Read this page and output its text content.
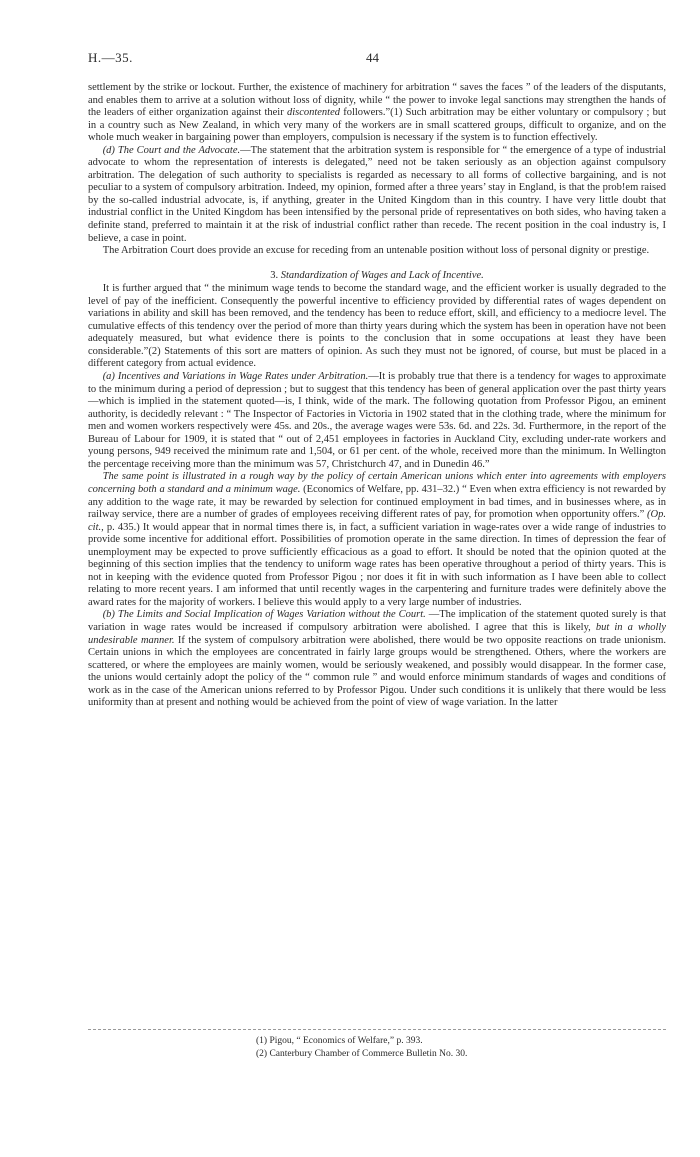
H.—35.	44

settlement by the strike or lockout. Further, the existence of machinery for arbitration “ saves the faces ” of the leaders of the disputants, and enables them to arrive at a solution without loss of dignity, while “ the power to invoke legal sanctions may strengthen the hands of the leaders of either organization against their discontented followers.”(1) Such arbitration may be either voluntary or compulsory ; but in a country such as New Zealand, in which very many of the workers are in small scattered groups, difficult to organize, and on the whole much weaker in bargaining power than employers, compulsion is necessary if the system is to function effectively.

(d) The Court and the Advocate.—The statement that the arbitration system is responsible for “ the emergence of a type of industrial advocate to whom the representation of interests is delegated,” need not be taken seriously as an objection against compulsory arbitration. The delegation of such authority to specialists is regarded as necessary to all forms of collective bargaining, and is not peculiar to a system of compulsory arbitration. Indeed, my opinion, formed after a three years’ stay in England, is that the prob!em raised by the so-called industrial advocate, is, if anything, greater in the United Kingdom than in this country. I have very little doubt that industrial conflict in the United Kingdom has been intensified by the personal pride of representatives on both sides, who having taken a definite stand, preferred to maintain it at the risk of industrial conflict rather than recede. The recent position in the coal industry is, I believe, a case in point.

The Arbitration Court does provide an excuse for receding from an untenable position without loss of personal dignity or prestige.

3. Standardization of Wages and Lack of Incentive.

It is further argued that “ the minimum wage tends to become the standard wage, and the efficient worker is usually degraded to the level of pay of the inefficient. Consequently the powerful incentive to efficiency provided by differential rates of wages dependent on variations in ability and skill has been removed, and the tendency has been to reduce effort, skill, and efficiency to a mediocre level. The cumulative effects of this tendency over the period of more than thirty years during which the system has been in operation have not been adequately measured, but what evidence there is points to the conclusion that in some occupations at least they have been considerable.”(2) Statements of this sort are matters of opinion. As such they must not be ignored, of course, but must be placed in a different category from actual evidence.

(a) Incentives and Variations in Wage Rates under Arbitration.—It is probably true that there is a tendency for wages to approximate to the minimum during a period of depression ; but to suggest that this tendency has been of general application over the past thirty years—which is implied in the statement quoted—is, I think, wide of the mark. The following quotation from Professor Pigou, an eminent authority, is decidedly relevant : “ The Inspector of Factories in Victoria in 1902 stated that in the clothing trade, where the minimum for men and women workers respectively were 45s. and 20s., the average wages were 53s. 6d. and 22s. 3d. Furthermore, in the report of the Bureau of Labour for 1909, it is stated that “ out of 2,451 employees in factories in Auckland City, excluding under-rate workers and young persons, 949 received the minimum rate and 1,504, or 61 per cent. of the whole, received more than the minimum. In Wellington the percentage receiving more than the minimum was 57, Christchurch 47, and in Dunedin 46.”

The same point is illustrated in a rough way by the policy of certain American unions which enter into agreements with employers concerning both a standard and a minimum wage. (Economics of Welfare, pp. 431–32.) “ Even when extra efficiency is not rewarded by any addition to the wage rate, it may be rewarded by selection for continued employment in bad times, and in businesses where, as in railway service, there are a number of grades of employees receiving different rates of pay, for promotion when opportunity offers.” (Op. cit., p. 435.) It would appear that in normal times there is, in fact, a sufficient variation in wage-rates over a wide range of industries to provide some incentive for additional effort. Possibilities of promotion operate in the same direction. In times of depression the fear of unemployment may be expected to prove sufficiently efficacious as a goad to effort. It should be noted that the opinion quoted at the beginning of this section implies that the tendency to uniform wage rates has been operative throughout a period of thirty years. This is not in keeping with the evidence quoted from Professor Pigou ; nor does it fit in with such information as I have been able to collect relating to more recent years. I am informed that until recently wages in the carpentering and furniture trades were definitely above the award rates for the majority of workers. I believe this would apply to a very large number of industries.

(b) The Limits and Social Implication of Wages Variation without the Court. —The implication of the statement quoted surely is that variation in wage rates would be increased if compulsory arbitration were abolished. I agree that this is likely, but in a wholly undesirable manner. If the system of compulsory arbitration were abolished, there would be two opposite reactions on trade unionism. Certain unions in which the employees are concentrated in fairly large groups would be strengthened. Others, where the workers are scattered, or where the employees are mainly women, would be seriously weakened, and possibly would disappear. In the former case, the unions would certainly adopt the policy of the “ common rule ” and would enforce minimum standards of wages and conditions of work as in the case of the American unions referred to by Professor Pigou. Under such conditions it is unlikely that there would be less uniformity than at present and nothing would be achieved from the point of view of wage variation. In the latter

(1) Pigou, “ Economics of Welfare,” p. 393.
(2) Canterbury Chamber of Commerce Bulletin No. 30.
